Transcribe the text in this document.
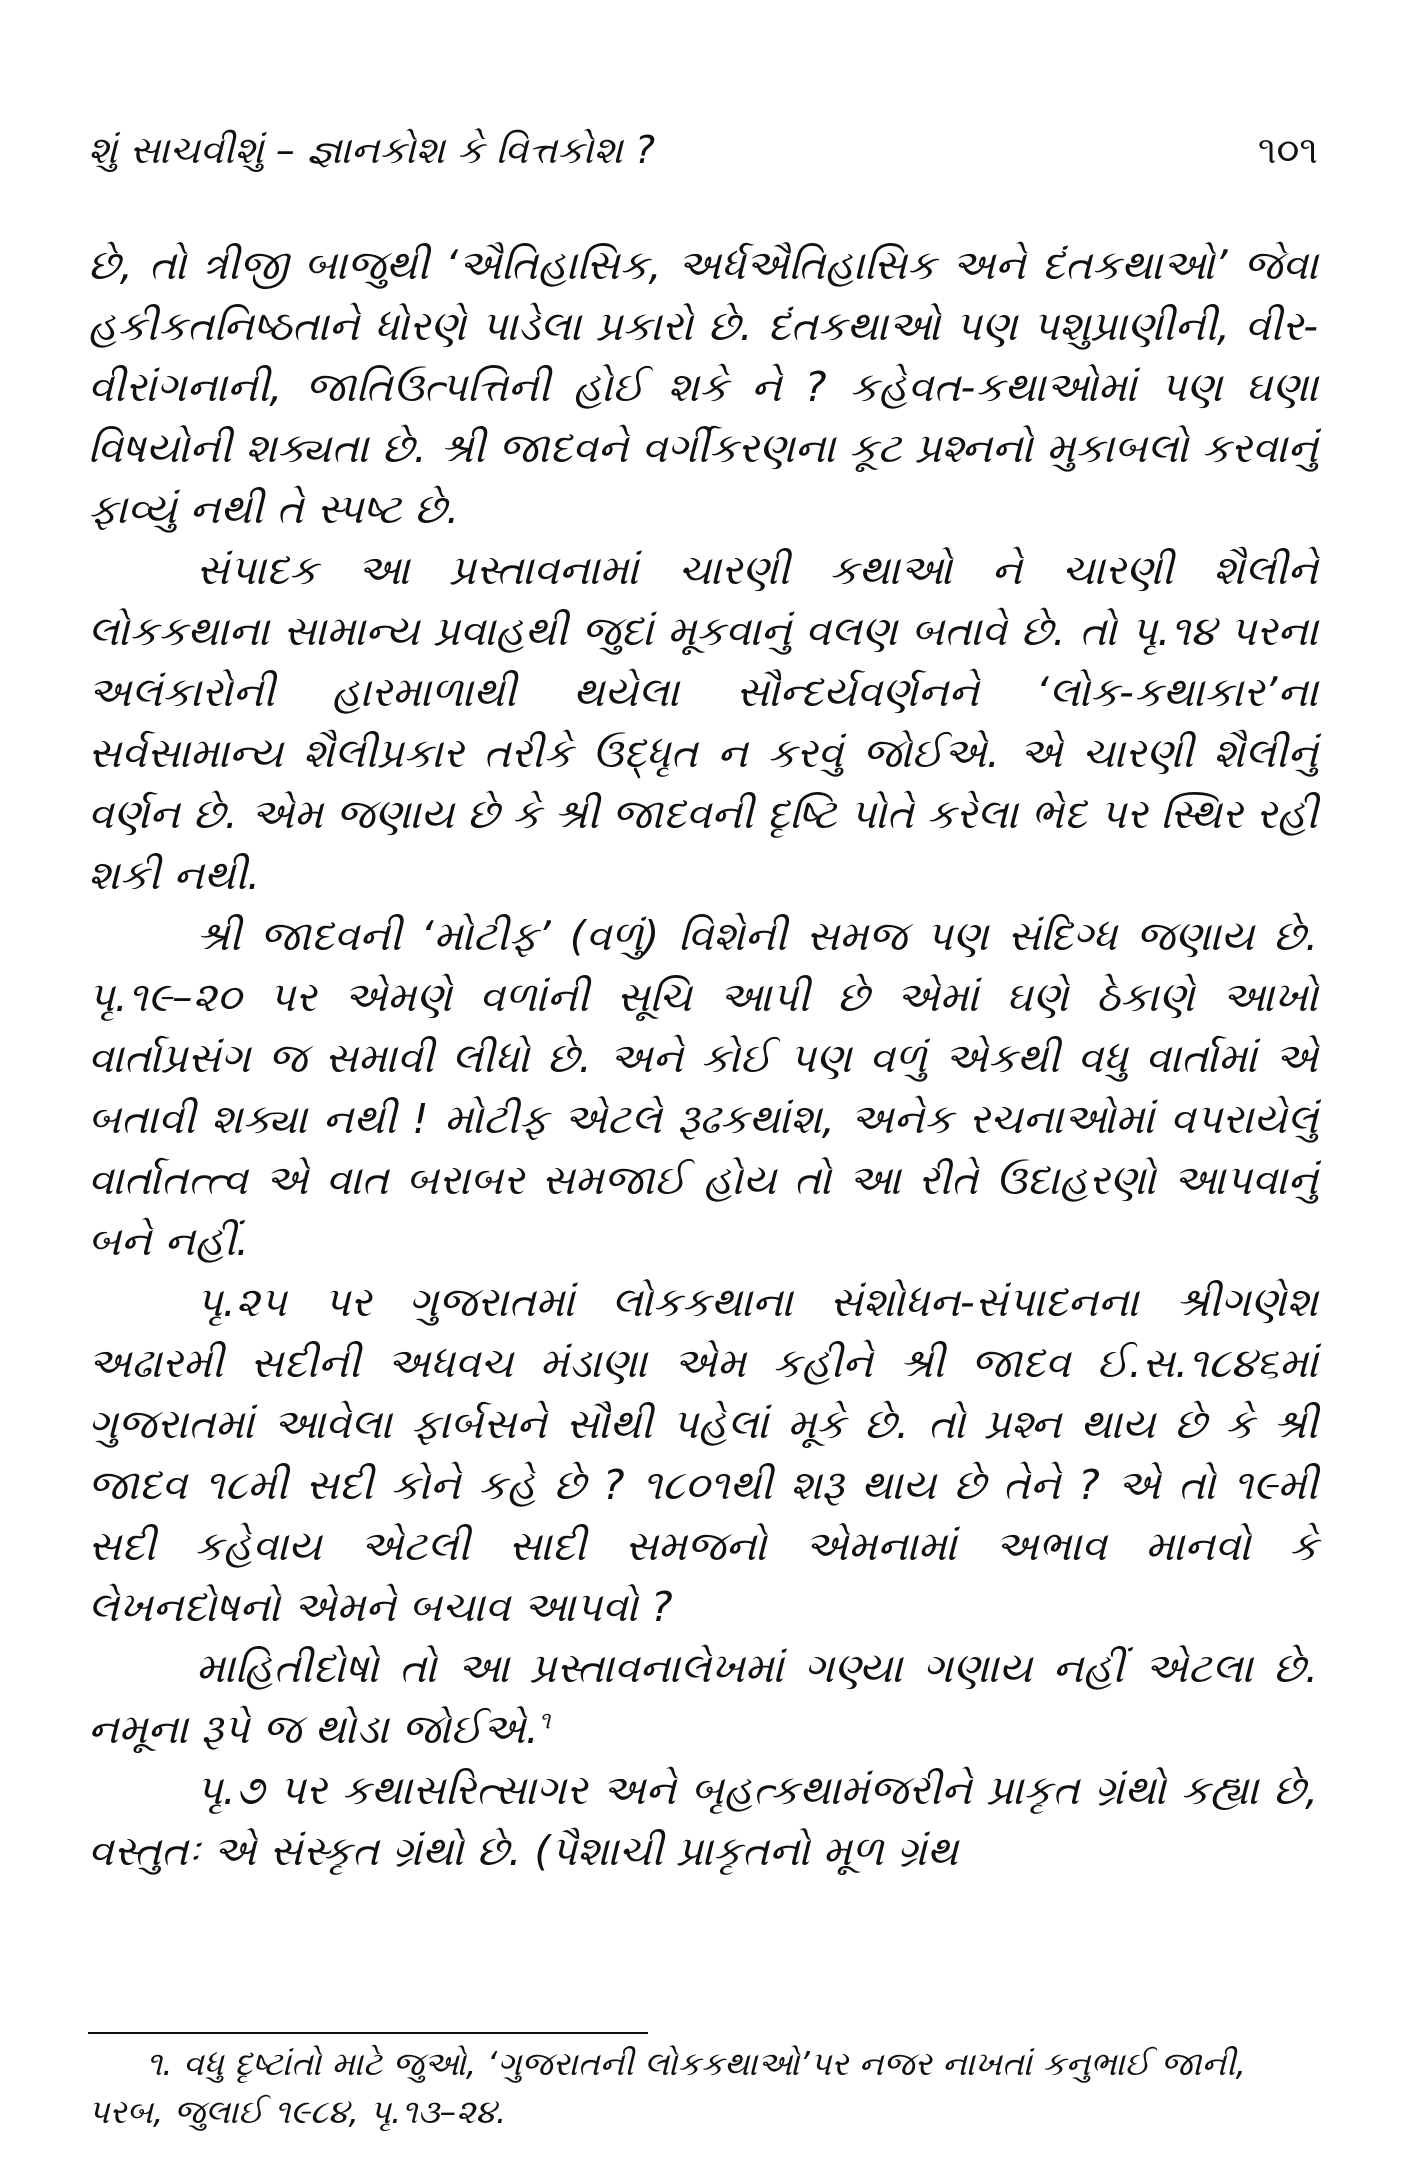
શું સાચવીશું – જ્ઞાનકોશ કે વિત્તકોશ ?	૧૦૧

છે, તો ત્રીજી બાજુથી ‘ઐતિહાસિક, અર્ધઐતિહાસિક અને દંતકથાઓ’ જેવા હકીકતનિષ્ઠતાને ધોરણે પાડેલા પ્રકારો છે. દંતકથાઓ પણ પશુપ્રાણીની, વીર-વીરાંગનાની, જાતિઉત્પત્તિની હોઈ શકે ને ? કહેવત-કથાઓમાં પણ ઘણા વિષયોની શક્યતા છે. શ્રી જાદવને વર્ગીકરણના કૂટ પ્રશ્નનો મુકાબલો કરવાનું ફાવ્યું નથી તે સ્પષ્ટ છે.

સંપાદક આ પ્રસ્તાવનામાં ચારણી કથાઓ ને ચારણી શૈલીને લોકકથાના સામાન્ય પ્રવાહથી જુદાં મૂકવાનું વલણ બતાવે છે. તો પૃ.૧૪ પરના અલંકારોની હારમાળાથી થયેલા સૌન્દર્યવર્ણનને ‘લોક-કથાકાર’ના સર્વસામાન્ય શૈલીપ્રકાર તરીકે ઉદ્ધૃત ન કરવું જોઈએ. એ ચારણી શૈલીનું વર્ણન છે. એમ જણાય છે કે શ્રી જાદવની દૃષ્ટિ પોતે કરેલા ભેદ પર સ્થિર રહી શકી નથી.

શ્રી જાદવની ‘મોટીફ’ (વળું) વિશેની સમજ પણ સંદિગ્ધ જણાય છે. પૃ.૧૯–૨૦ પર એમણે વળાંની સૂચિ આપી છે એમાં ઘણે ઠેકાણે આખો વાર્તાપ્રસંગ જ સમાવી લીધો છે. અને કોઈ પણ વળું એકથી વધુ વાર્તામાં એ બતાવી શક્યા નથી ! મોટીફ એટલે રૂઢકથાંશ, અનેક રચનાઓમાં વપરાયેલું વાર્તાતત્ત્વ એ વાત બરાબર સમજાઈ હોય તો આ રીતે ઉદાહરણો આપવાનું બને નહીં.

પૃ.૨૫ પર ગુજરાતમાં લોકકથાના સંશોધન-સંપાદનના શ્રીગણેશ અઢારમી સદીની અધવચ મંડાણા એમ કહીને શ્રી જાદવ ઈ.સ.૧૮૪૬માં ગુજરાતમાં આવેલા ફાર્બસને સૌથી પહેલાં મૂકે છે. તો પ્રશ્ન થાય છે કે શ્રી જાદવ ૧૮મી સદી કોને કહે છે ? ૧૮૦૧થી શરૂ થાય છે તેને ? એ તો ૧૯મી સદી કહેવાય એટલી સાદી સમજનો એમનામાં અભાવ માનવો કે લેખનદોષનો એમને બચાવ આપવો ?

માહિતીદોષો તો આ પ્રસ્તાવનાલેખમાં ગણ્યા ગણાય નહીં એટલા છે. નમૂના રૂપે જ થોડા જોઈએ.$^૧$

પૃ.૭ પર કથાસરિત્સાગર અને બૃહત્કથામંજરીને પ્રાકૃત ગ્રંથો કહ્યા છે, વસ્તુતઃ એ સંસ્કૃત ગ્રંથો છે. (પૈશાચી પ્રાકૃતનો મૂળ ગ્રંથ

૧. વધુ દૃષ્ટાંતો માટે જુઓ, ‘ગુજરાતની લોકકથાઓ’પર નજર નાખતાં કનુભાઈ જાની, પરબ, જુલાઈ ૧૯૮૪, પૃ.૧૩–૨૪.
